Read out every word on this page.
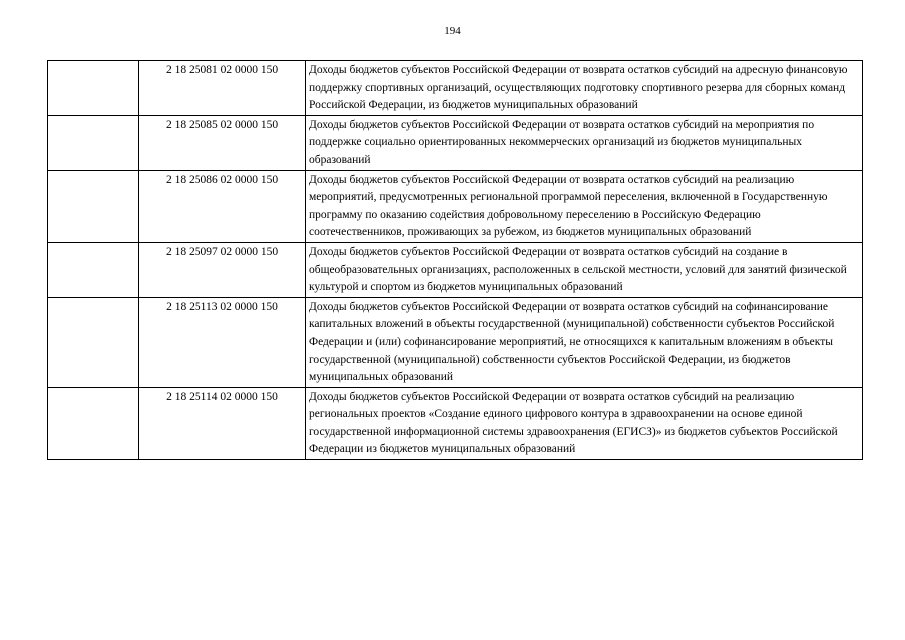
194
	2 18 25081 02 0000 150	Доходы бюджетов субъектов Российской Федерации от возврата остатков субсидий на адресную финансовую поддержку спортивных организаций, осуществляющих подготовку спортивного резерва для сборных команд Российской Федерации, из бюджетов муниципальных образований
	2 18 25085 02 0000 150	Доходы бюджетов субъектов Российской Федерации от возврата остатков субсидий на мероприятия по поддержке социально ориентированных некоммерческих организаций из бюджетов муниципальных образований
	2 18 25086 02 0000 150	Доходы бюджетов субъектов Российской Федерации от возврата остатков субсидий на реализацию мероприятий, предусмотренных региональной программой переселения, включенной в Государственную программу по оказанию содействия добровольному переселению в Российскую Федерацию соотечественников, проживающих за рубежом, из бюджетов муниципальных образований
	2 18 25097 02 0000 150	Доходы бюджетов субъектов Российской Федерации от возврата остатков субсидий на создание в общеобразовательных организациях, расположенных в сельской местности, условий для занятий физической культурой и спортом из бюджетов муниципальных образований
	2 18 25113 02 0000 150	Доходы бюджетов субъектов Российской Федерации от возврата остатков субсидий на софинансирование капитальных вложений в объекты государственной (муниципальной) собственности субъектов Российской Федерации и (или) софинансирование мероприятий, не относящихся к капитальным вложениям в объекты государственной (муниципальной) собственности субъектов Российской Федерации, из бюджетов муниципальных образований
	2 18 25114 02 0000 150	Доходы бюджетов субъектов Российской Федерации от возврата остатков субсидий на реализацию региональных проектов «Создание единого цифрового контура в здравоохранении на основе единой государственной информационной системы здравоохранения (ЕГИСЗ)» из бюджетов субъектов Российской Федерации из бюджетов муниципальных образований
